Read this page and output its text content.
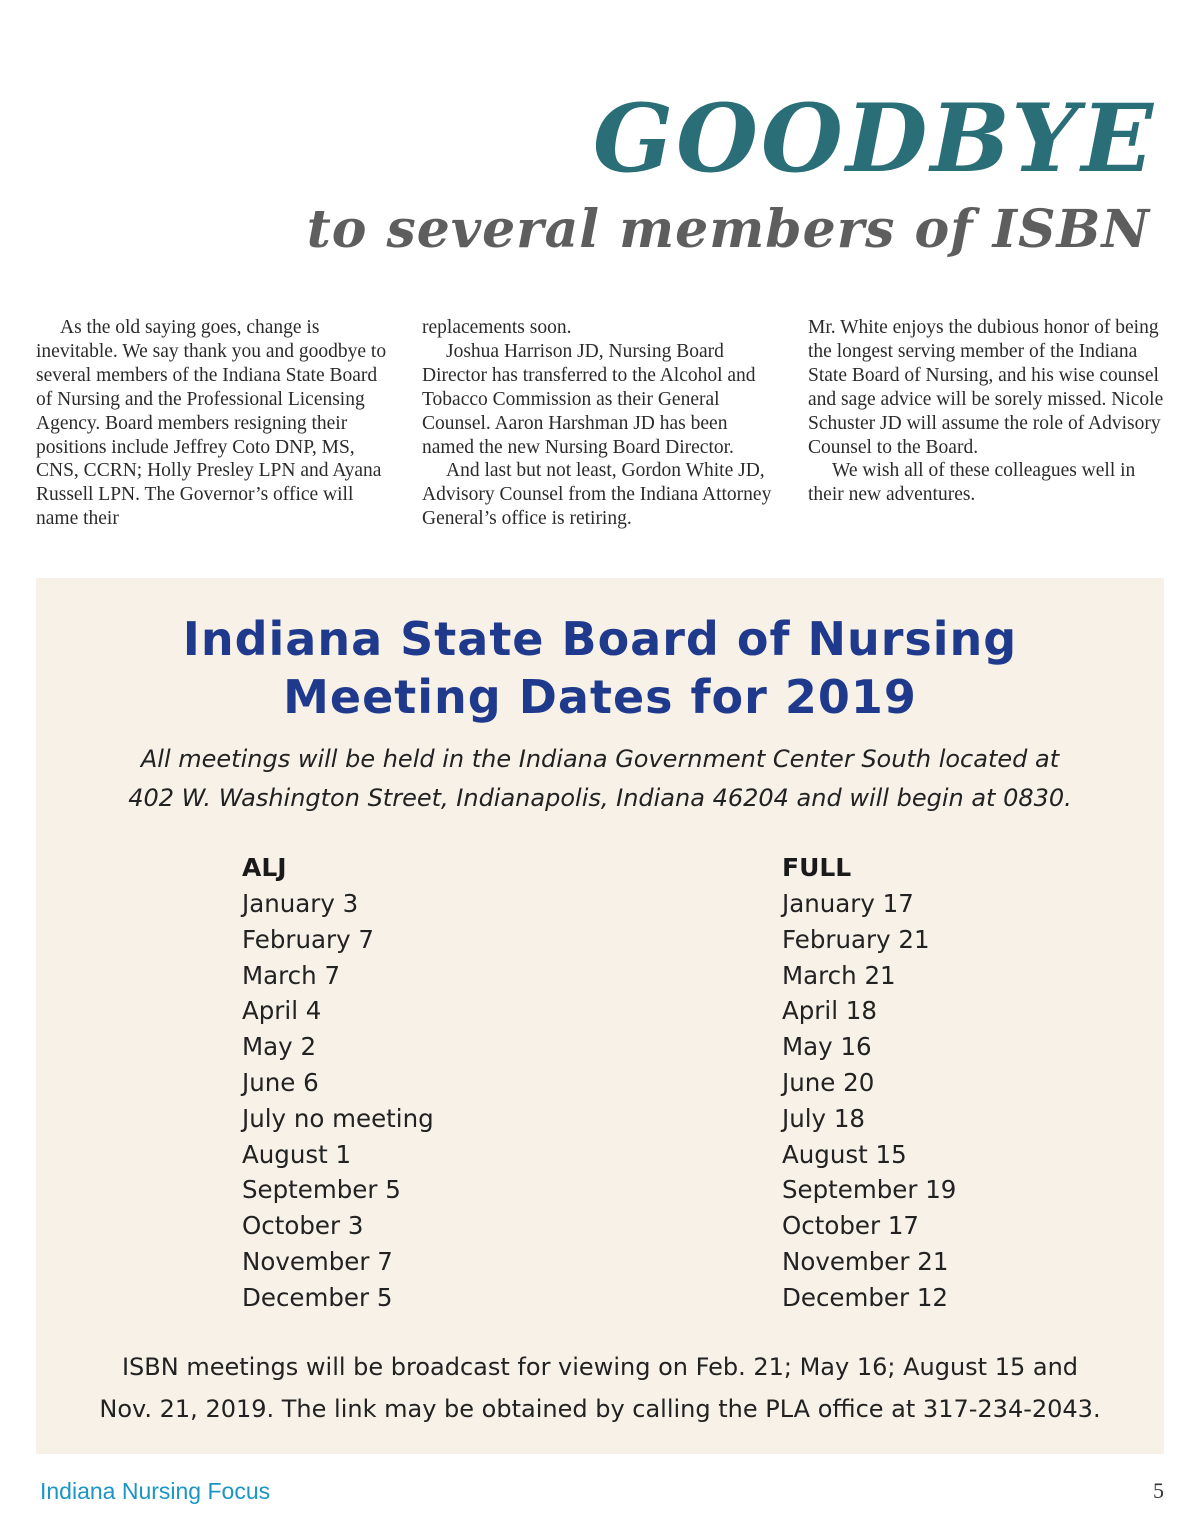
GOODBYE
to several members of ISBN

As the old saying goes, change is inevitable. We say thank you and goodbye to several members of the Indiana State Board of Nursing and the Professional Licensing Agency. Board members resigning their positions include Jeffrey Coto DNP, MS, CNS, CCRN; Holly Presley LPN and Ayana Russell LPN. The Governor’s office will name their

replacements soon.

Joshua Harrison JD, Nursing Board Director has transferred to the Alcohol and Tobacco Commission as their General Counsel. Aaron Harshman JD has been named the new Nursing Board Director.

And last but not least, Gordon White JD, Advisory Counsel from the Indiana Attorney General’s office is retiring.

Mr. White enjoys the dubious honor of being the longest serving member of the Indiana State Board of Nursing, and his wise counsel and sage advice will be sorely missed. Nicole Schuster JD will assume the role of Advisory Counsel to the Board.

We wish all of these colleagues well in their new adventures.

Indiana State Board of Nursing
Meeting Dates for 2019

All meetings will be held in the Indiana Government Center South located at
402 W. Washington Street, Indianapolis, Indiana 46204 and will begin at 0830.

ALJ
January 3
February 7
March 7
April 4
May 2
June 6
July no meeting
August 1
September 5
October 3
November 7
December 5
FULL
January 17
February 21
March 21
April 18
May 16
June 20
July 18
August 15
September 19
October 17
November 21
December 12

ISBN meetings will be broadcast for viewing on Feb. 21; May 16; August 15 and
Nov. 21, 2019. The link may be obtained by calling the PLA office at 317-234-2043.

Indiana Nursing Focus	5
